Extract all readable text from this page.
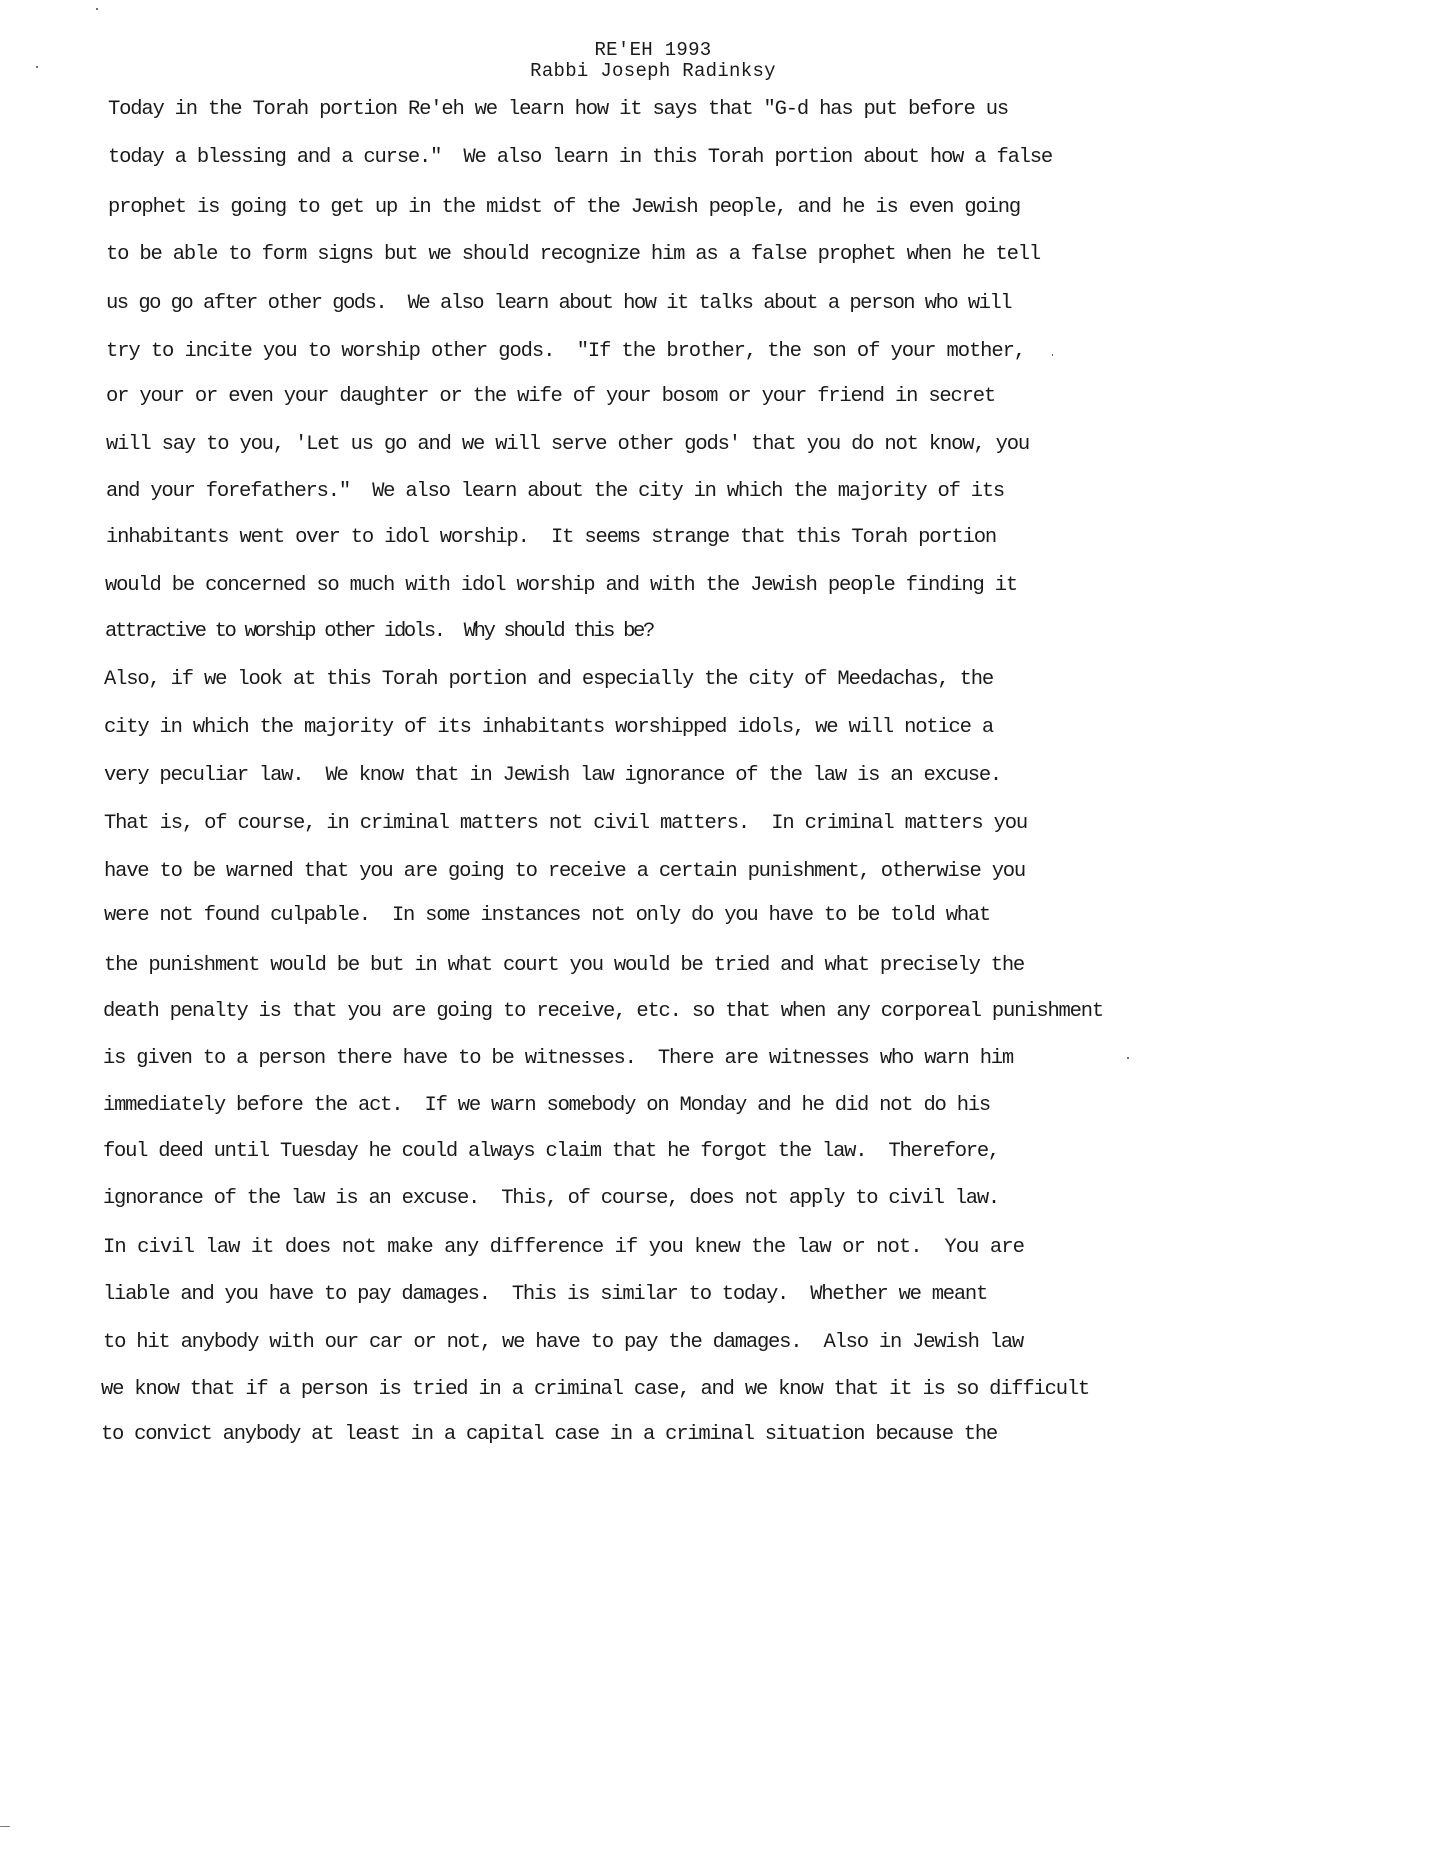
RE'EH 1993
Rabbi Joseph Radinksy
Today in the Torah portion Re'eh we learn how it says that "G-d has put before us
today a blessing and a curse."  We also learn in this Torah portion about how a false
prophet is going to get up in the midst of the Jewish people, and he is even going
to be able to form signs but we should recognize him as a false prophet when he tell
us go go after other gods.  We also learn about how it talks about a person who will
try to incite you to worship other gods.  "If the brother, the son of your mother,
or your or even your daughter or the wife of your bosom or your friend in secret
will say to you, 'Let us go and we will serve other gods' that you do not know, you
and your forefathers."  We also learn about the city in which the majority of its
inhabitants went over to idol worship.  It seems strange that this Torah portion
would be concerned so much with idol worship and with the Jewish people finding it
attractive to worship other idols.  Why should this be?
Also, if we look at this Torah portion and especially the city of Meedachas, the
city in which the majority of its inhabitants worshipped idols, we will notice a
very peculiar law.  We know that in Jewish law ignorance of the law is an excuse.
That is, of course, in criminal matters not civil matters.  In criminal matters you
have to be warned that you are going to receive a certain punishment, otherwise you
were not found culpable.  In some instances not only do you have to be told what
the punishment would be but in what court you would be tried and what precisely the
death penalty is that you are going to receive, etc. so that when any corporeal punishment
is given to a person there have to be witnesses.  There are witnesses who warn him
immediately before the act.  If we warn somebody on Monday and he did not do his
foul deed until Tuesday he could always claim that he forgot the law.  Therefore,
ignorance of the law is an excuse.  This, of course, does not apply to civil law.
In civil law it does not make any difference if you knew the law or not.  You are
liable and you have to pay damages.  This is similar to today.  Whether we meant
to hit anybody with our car or not, we have to pay the damages.  Also in Jewish law
we know that if a person is tried in a criminal case, and we know that it is so difficult
to convict anybody at least in a capital case in a criminal situation because the
